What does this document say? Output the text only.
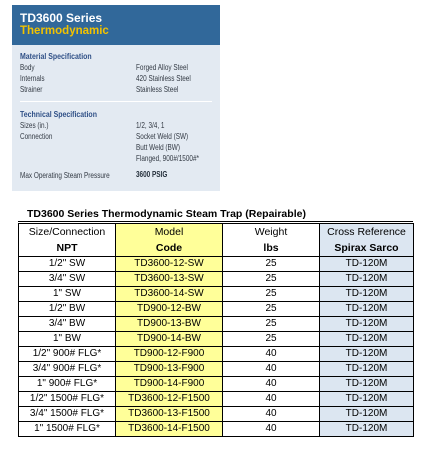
TD3600 Series
Thermodynamic
Material Specification
Body	Forged Alloy Steel
Internals	420 Stainless Steel
Strainer	Stainless Steel
Technical Specification
Sizes (in.)	1/2, 3/4, 1
Connection	Socket Weld (SW)
Butt Weld (BW)
Flanged, 900#/1500#*
Max Operating Steam Pressure	3600 PSIG
TD3600 Series Thermodynamic Steam Trap (Repairable)
Size/Connection	Model	Weight	Cross Reference
NPT	Code	lbs	Spirax Sarco
1/2" SW	TD3600-12-SW	25	TD-120M
3/4" SW	TD3600-13-SW	25	TD-120M
1" SW	TD3600-14-SW	25	TD-120M
1/2" BW	TD900-12-BW	25	TD-120M
3/4" BW	TD900-13-BW	25	TD-120M
1" BW	TD900-14-BW	25	TD-120M
1/2" 900# FLG*	TD900-12-F900	40	TD-120M
3/4" 900# FLG*	TD900-13-F900	40	TD-120M
1" 900# FLG*	TD900-14-F900	40	TD-120M
1/2" 1500# FLG*	TD3600-12-F1500	40	TD-120M
3/4" 1500# FLG*	TD3600-13-F1500	40	TD-120M
1" 1500# FLG*	TD3600-14-F1500	40	TD-120M
